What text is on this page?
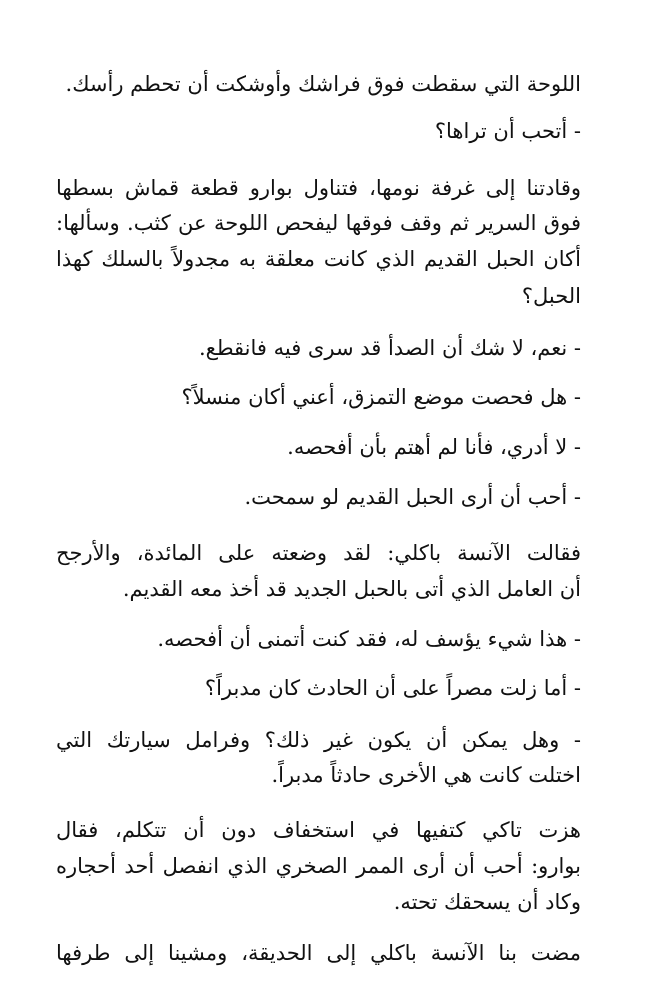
اللوحة التي سقطت فوق فراشك وأوشكت أن تحطم رأسك.
- أتحب أن تراها؟
وقادتنا إلى غرفة نومها، فتناول بوارو قطعة قماش بسطها
فوق السرير ثم وقف فوقها ليفحص اللوحة عن كثب. وسألها:
أكان الحبل القديم الذي كانت معلقة به مجدولاً بالسلك كهذا
الحبل؟
- نعم، لا شك أن الصدأ قد سرى فيه فانقطع.
- هل فحصت موضع التمزق، أعني أكان منسلاً؟
- لا أدري، فأنا لم أهتم بأن أفحصه.
- أحب أن أرى الحبل القديم لو سمحت.
فقالت الآنسة باكلي: لقد وضعته على المائدة، والأرجح
أن العامل الذي أتى بالحبل الجديد قد أخذ معه القديم.
- هذا شيء يؤسف له، فقد كنت أتمنى أن أفحصه.
- أما زلت مصراً على أن الحادث كان مدبراً؟
- وهل يمكن أن يكون غير ذلك؟ وفرامل سيارتك التي
اختلت كانت هي الأخرى حادثاً مدبراً.
هزت تاكي كتفيها في استخفاف دون أن تتكلم، فقال
بوارو: أحب أن أرى الممر الصخري الذي انفصل أحد أحجاره
وكاد أن يسحقك تحته.
مضت بنا الآنسة باكلي إلى الحديقة، ومشينا إلى طرفها
